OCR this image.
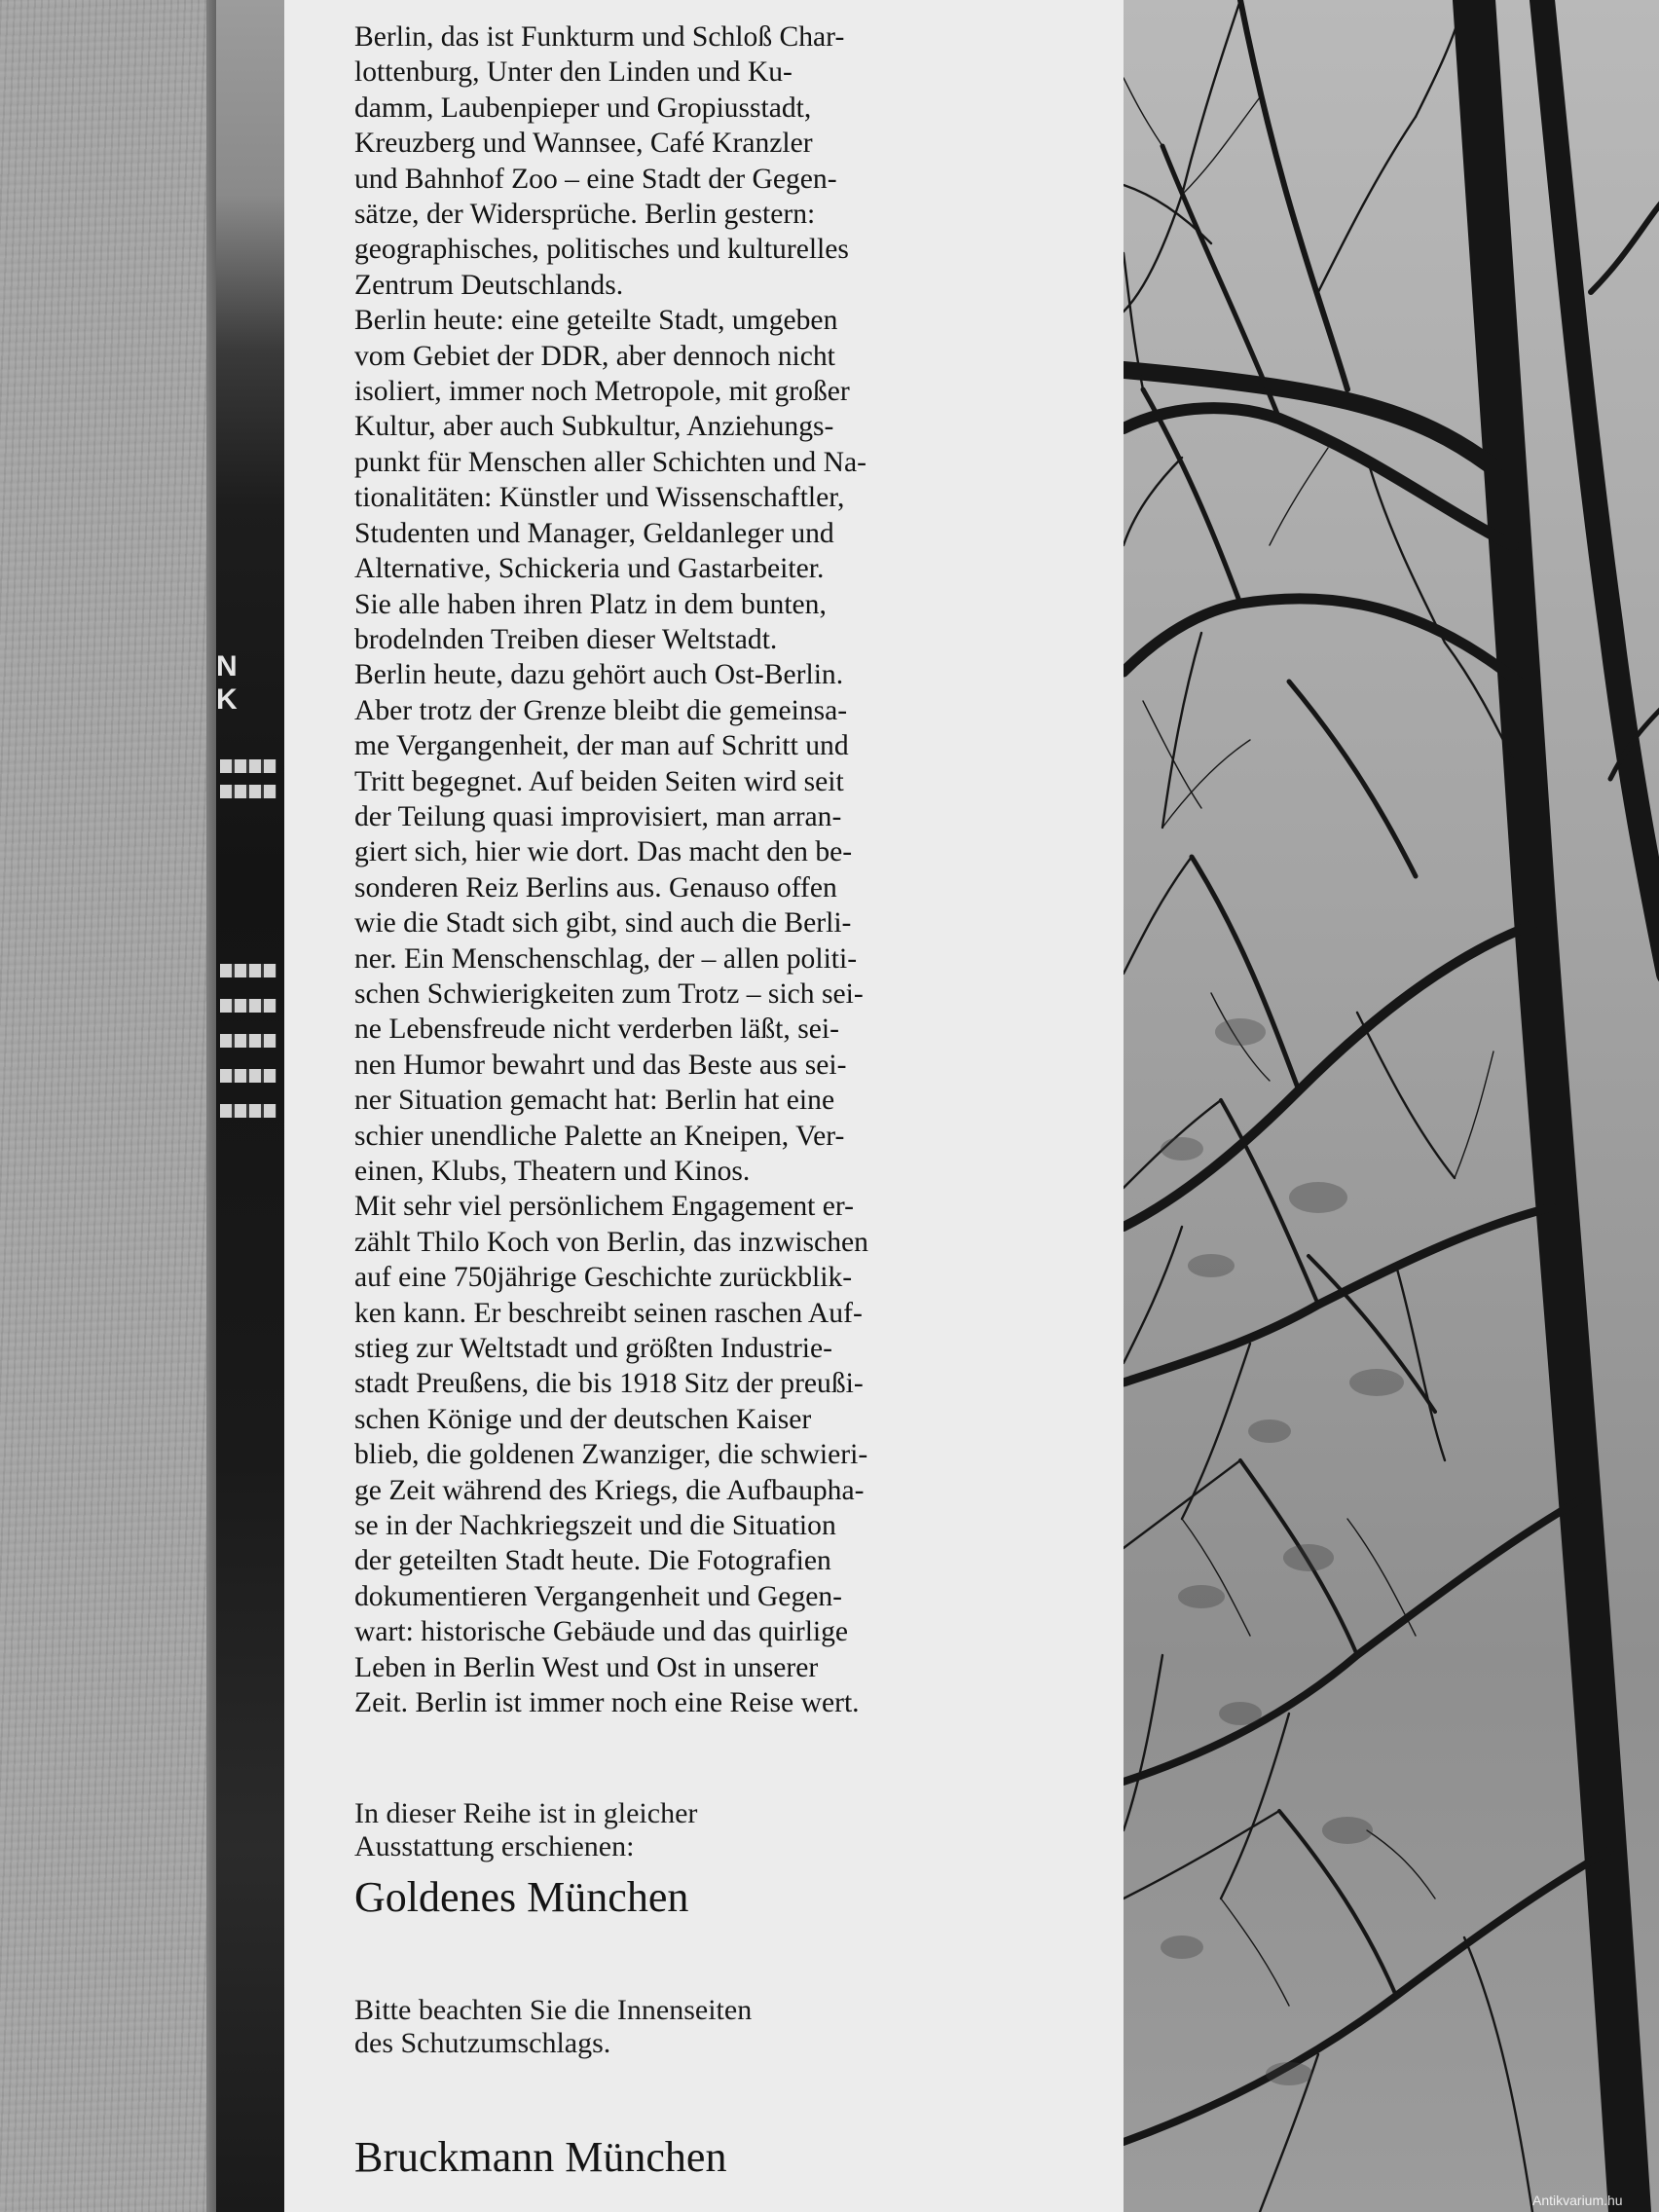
N K

Berlin, das ist Funkturm und Schloß Char-

lottenburg, Unter den Linden und Ku-

damm, Laubenpieper und Gropiusstadt,

Kreuzberg und Wannsee, Café Kranzler

und Bahnhof Zoo – eine Stadt der Gegen-

sätze, der Widersprüche. Berlin gestern:

geographisches, politisches und kulturelles

Zentrum Deutschlands.

Berlin heute: eine geteilte Stadt, umgeben

vom Gebiet der DDR, aber dennoch nicht

isoliert, immer noch Metropole, mit großer

Kultur, aber auch Subkultur, Anziehungs-

punkt für Menschen aller Schichten und Na-

tionalitäten: Künstler und Wissenschaftler,

Studenten und Manager, Geldanleger und

Alternative, Schickeria und Gastarbeiter.

Sie alle haben ihren Platz in dem bunten,

brodelnden Treiben dieser Weltstadt.

Berlin heute, dazu gehört auch Ost-Berlin.

Aber trotz der Grenze bleibt die gemeinsa-

me Vergangenheit, der man auf Schritt und

Tritt begegnet. Auf beiden Seiten wird seit

der Teilung quasi improvisiert, man arran-

giert sich, hier wie dort. Das macht den be-

sonderen Reiz Berlins aus. Genauso offen

wie die Stadt sich gibt, sind auch die Berli-

ner. Ein Menschenschlag, der – allen politi-

schen Schwierigkeiten zum Trotz – sich sei-

ne Lebensfreude nicht verderben läßt, sei-

nen Humor bewahrt und das Beste aus sei-

ner Situation gemacht hat: Berlin hat eine

schier unendliche Palette an Kneipen, Ver-

einen, Klubs, Theatern und Kinos.

Mit sehr viel persönlichem Engagement er-

zählt Thilo Koch von Berlin, das inzwischen

auf eine 750jährige Geschichte zurückblik-

ken kann. Er beschreibt seinen raschen Auf-

stieg zur Weltstadt und größten Industrie-

stadt Preußens, die bis 1918 Sitz der preußi-

schen Könige und der deutschen Kaiser

blieb, die goldenen Zwanziger, die schwieri-

ge Zeit während des Kriegs, die Aufbaupha-

se in der Nachkriegszeit und die Situation

der geteilten Stadt heute. Die Fotografien

dokumentieren Vergangenheit und Gegen-

wart: historische Gebäude und das quirlige

Leben in Berlin West und Ost in unserer

Zeit. Berlin ist immer noch eine Reise wert.

In dieser Reihe ist in gleicher
Ausstattung erschienen:
Goldenes München
Bitte beachten Sie die Innenseiten
des Schutzumschlags.
Bruckmann München
Antikvarium.hu
